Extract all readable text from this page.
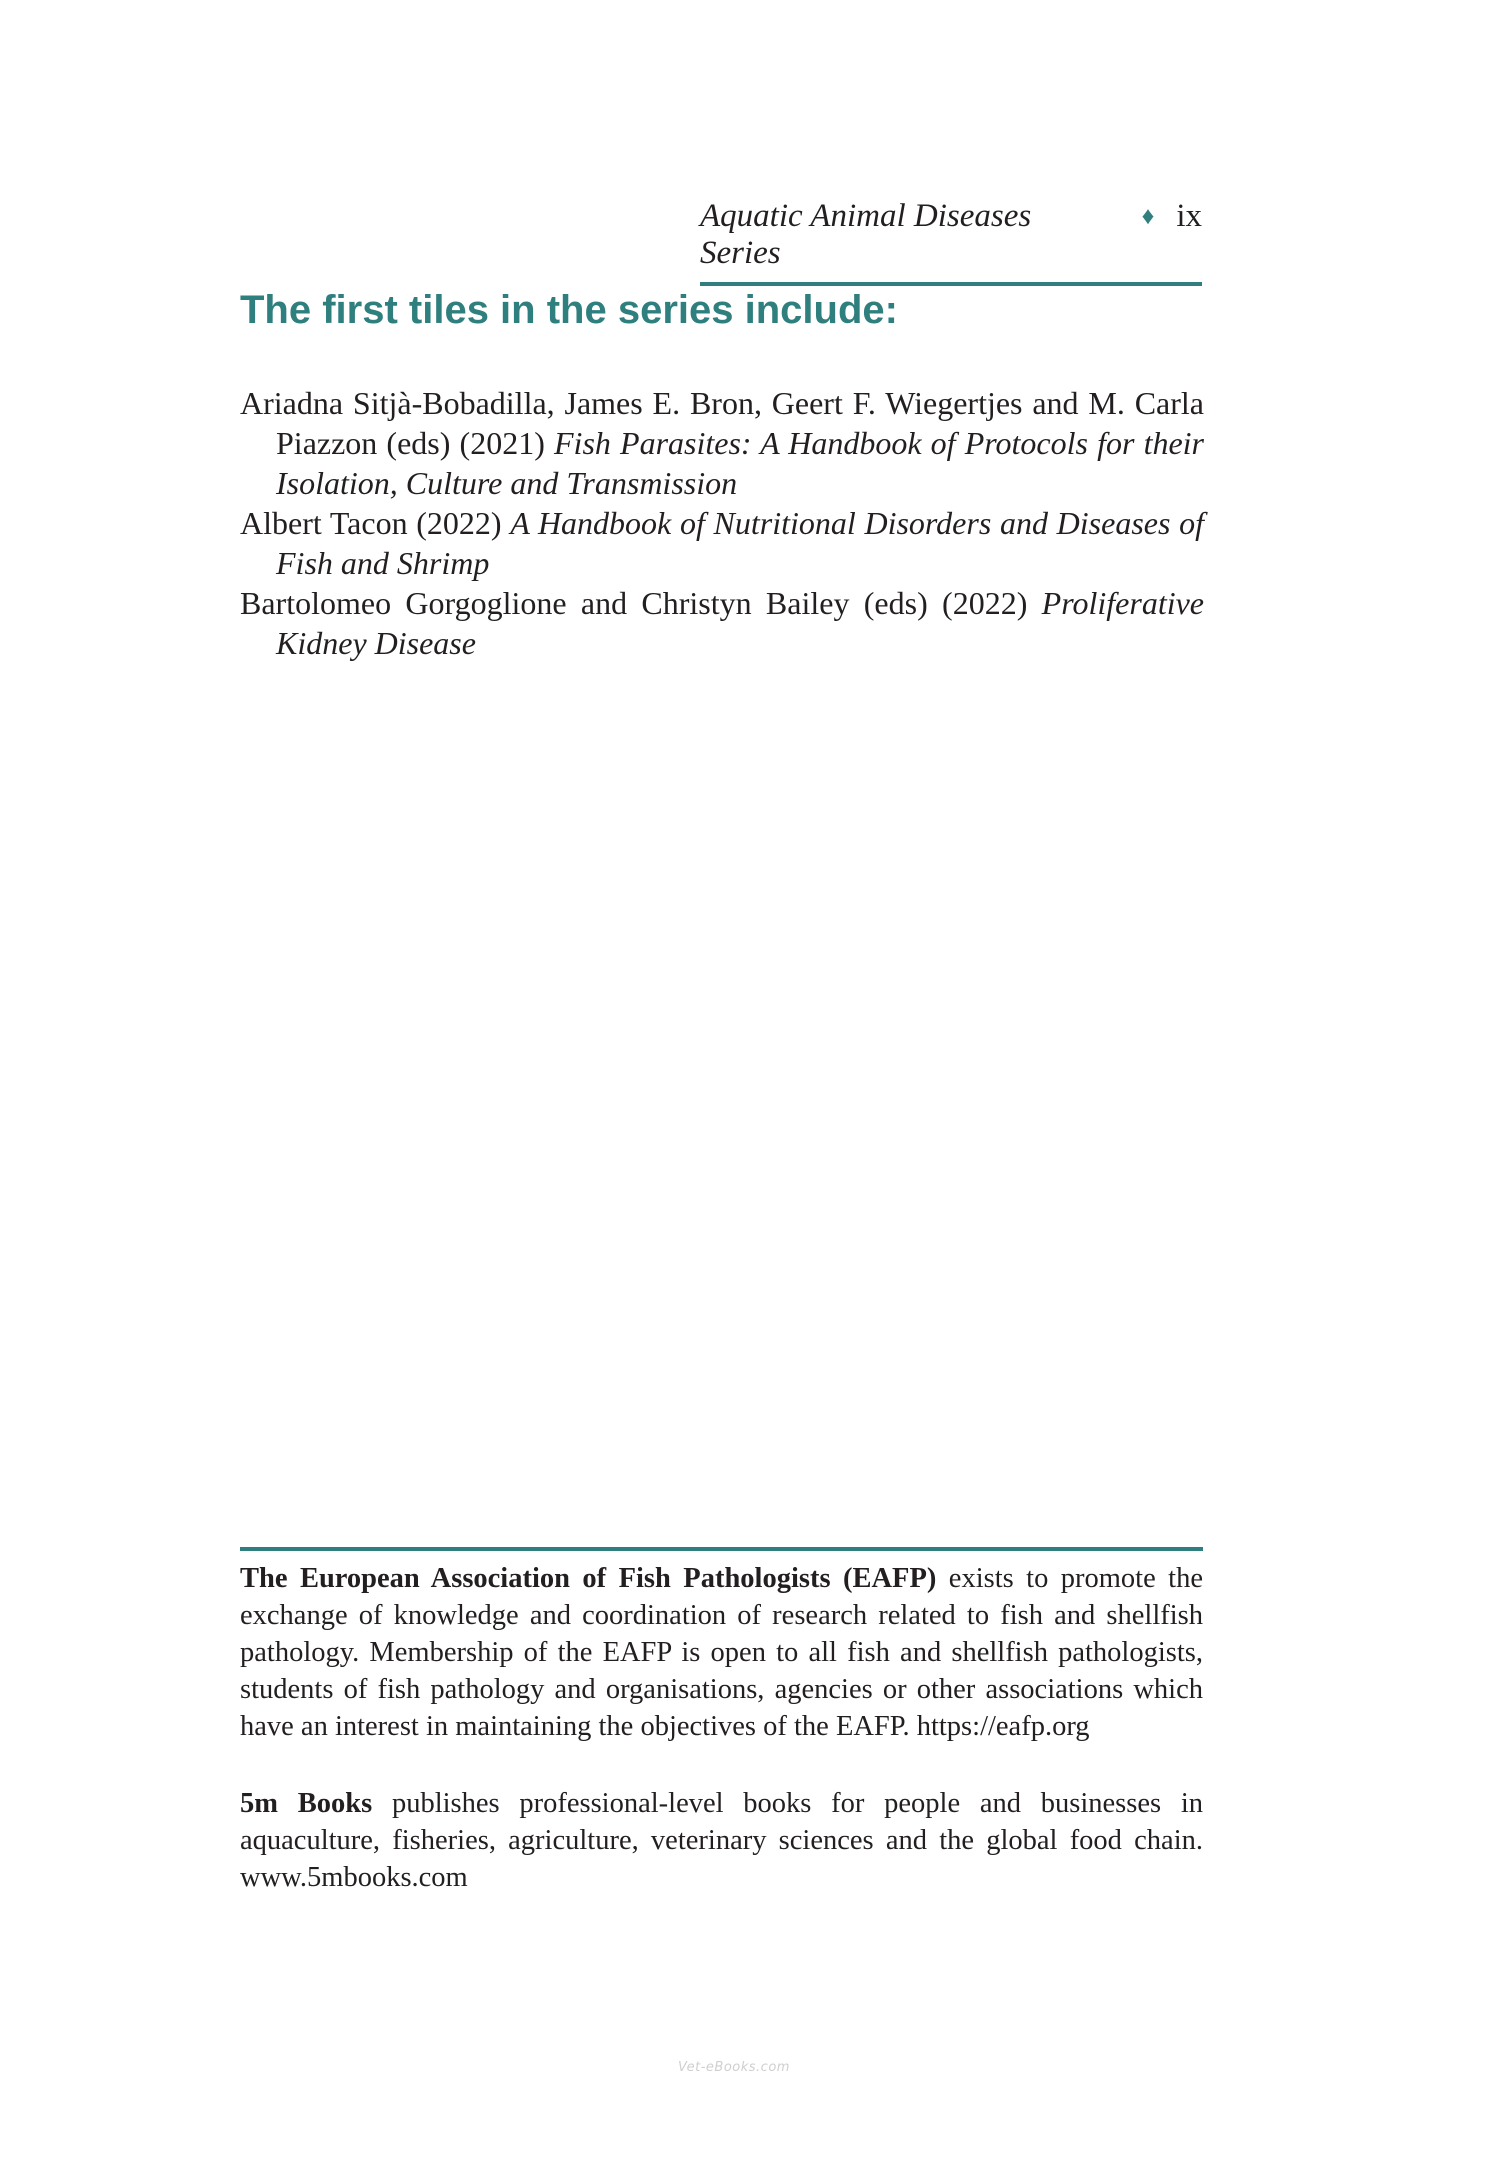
Aquatic Animal Diseases Series
♦ ix
The first tiles in the series include:
Ariadna Sitjà-Bobadilla, James E. Bron, Geert F. Wiegertjes and M. Carla Piazzon (eds) (2021) Fish Parasites: A Handbook of Protocols for their Isolation, Culture and Transmission
Albert Tacon (2022) A Handbook of Nutritional Disorders and Diseases of Fish and Shrimp
Bartolomeo Gorgoglione and Christyn Bailey (eds) (2022) Proliferative Kidney Disease

The European Association of Fish Pathologists (EAFP) exists to promote the exchange of knowledge and coordination of research related to fish and shellfish pathology. Membership of the EAFP is open to all fish and shellfish pathologists, students of fish pathology and organisations, agencies or other associations which have an interest in maintaining the objectives of the EAFP. https://eafp.org

5m Books publishes professional-level books for people and businesses in aquaculture, fisheries, agriculture, veterinary sciences and the global food chain. www.5mbooks.com

Vet-eBooks.com
